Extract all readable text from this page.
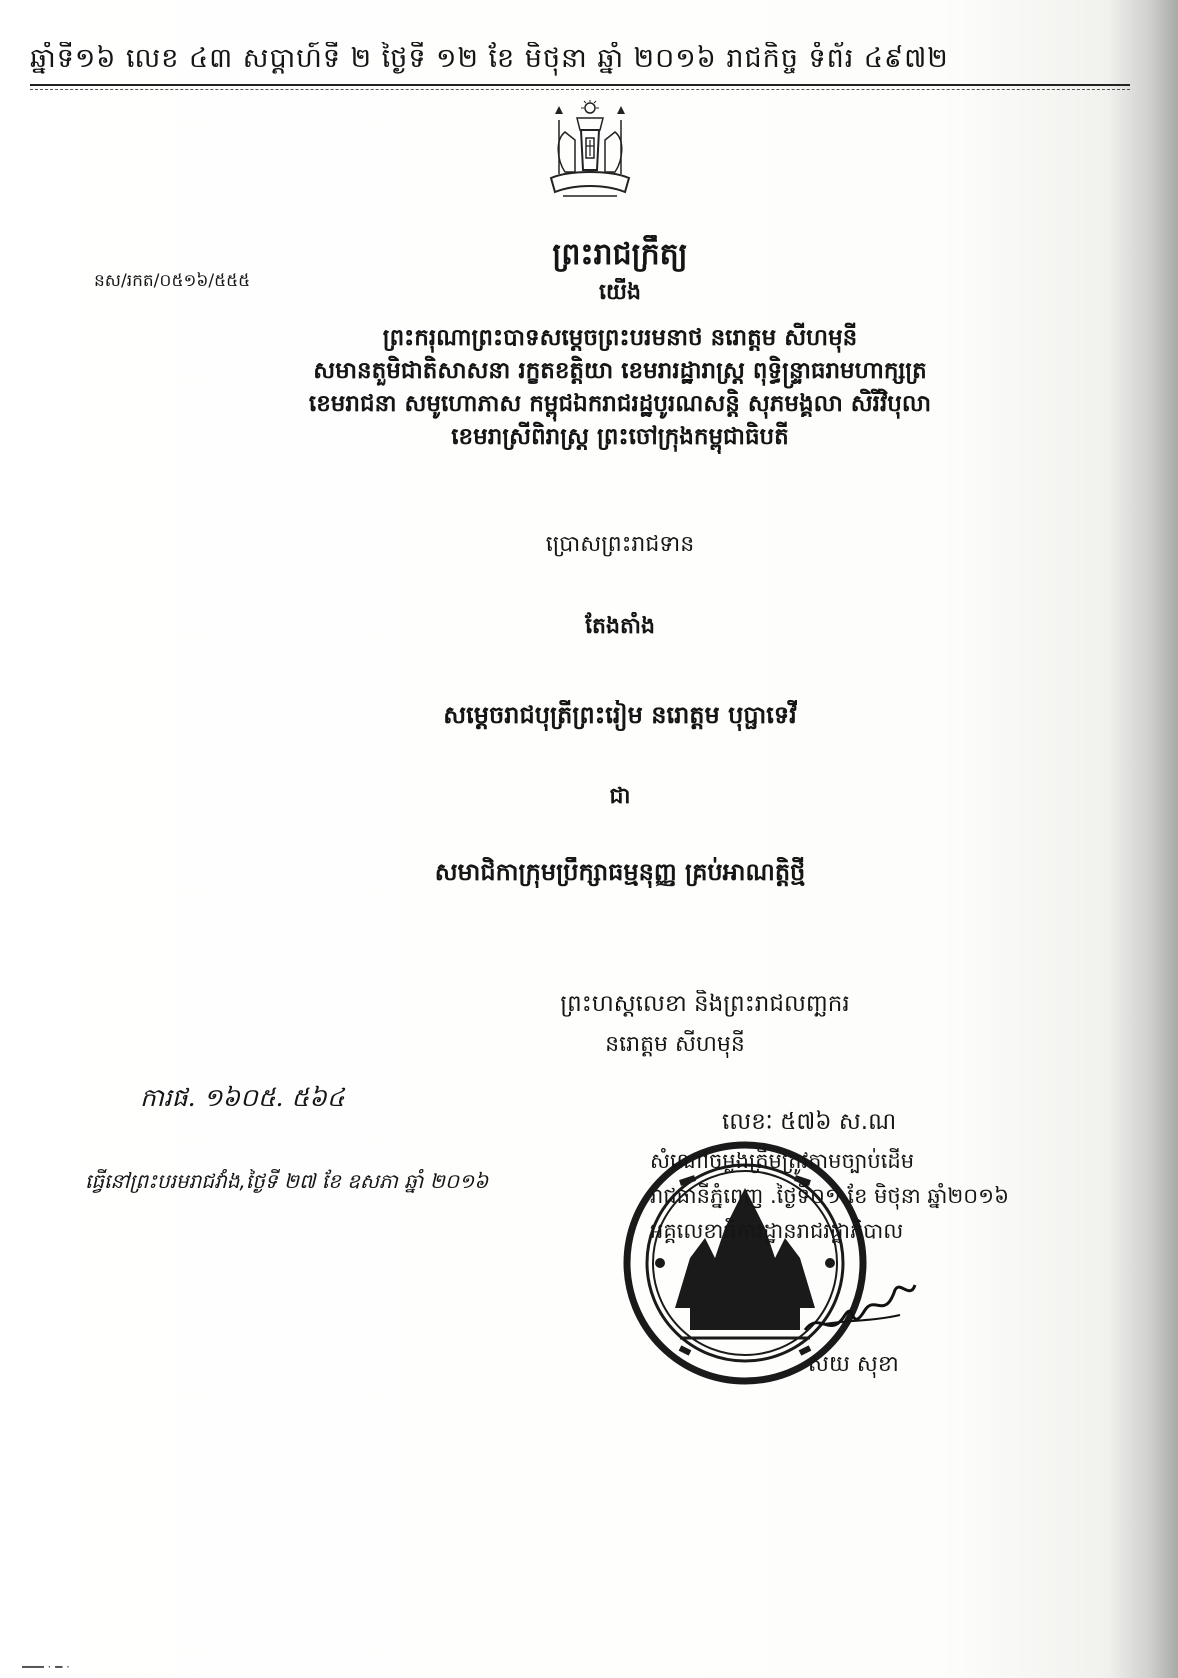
ឆ្នាំទី១៦ លេខ ៤៣ សប្តាហ៍ទី ២ ថ្ងៃទី ១២ ខែ មិថុនា ឆ្នាំ ២០១៦ រាជកិច្ច ទំព័រ ៤៩៧២
ព្រះរាជក្រឹត្យ
នស/រកត/០៥១៦/៥៥៥	យើង
ព្រះករុណាព្រះបាទសម្តេចព្រះបរមនាថ នរោត្តម សីហមុនី
សមានតួមិជាតិសាសនា រក្ខតខត្តិយា ខេមរារដ្ឋារាស្ត្រ ពុទ្ធិន្ទ្រាធរាមហាក្សត្រ
ខេមរាជនា សមូហោភាស កម្ពុជឯករាជរដ្ឋបូរណសន្តិ សុភមង្គលា សិរីវិបុលា
ខេមរាស្រីពិរាស្ត្រ ព្រះចៅក្រុងកម្ពុជាធិបតី
ប្រោសព្រះរាជទាន
តែងតាំង
សម្តេចរាជបុត្រីព្រះរៀម នរោត្តម បុប្ផាទេវី
ជា
សមាជិកាក្រុមប្រឹក្សាធម្មនុញ្ញ គ្រប់អាណត្តិថ្មី
ព្រះហស្តលេខា និងព្រះរាជលញ្ឆករ
នរោត្តម សីហមុនី
ការផ. ១៦០៥. ៥៦៤
ធ្វើនៅព្រះបរមរាជវាំង,ថ្ងៃទី ២៧ ខែ ឧសភា ឆ្នាំ ២០១៦
លេខៈ ៥៧៦ ស.ណ
សំណៅចម្លងត្រឹមត្រូវតាមច្បាប់ដើម
រាជធានីភ្នំពេញ .ថ្ងៃទី០១ ខែ មិថុនា ឆ្នាំ២០១៦
អគ្គលេខាធិការដ្ឋានរាជរដ្ឋាភិបាល
សយ សុខា
━━━ · ━ ·
